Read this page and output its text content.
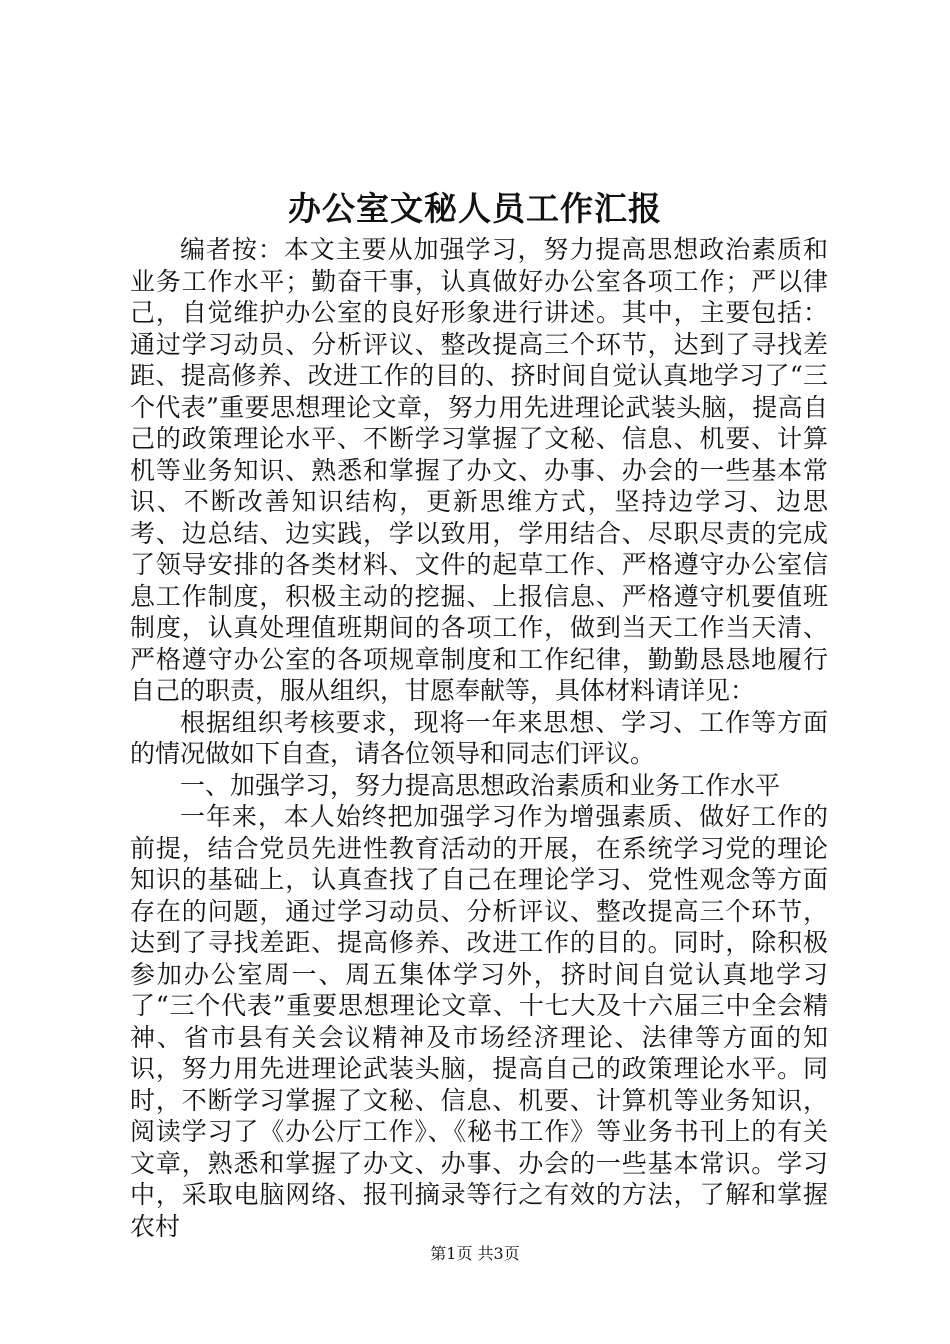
办公室文秘人员工作汇报

编者按：本文主要从加强学习，努力提高思想政治素质和业务工作水平；勤奋干事，认真做好办公室各项工作；严以律己，自觉维护办公室的良好形象进行讲述。其中，主要包括：通过学习动员、分析评议、整改提高三个环节，达到了寻找差距、提高修养、改进工作的目的、挤时间自觉认真地学习了“三个代表”重要思想理论文章，努力用先进理论武装头脑，提高自己的政策理论水平、不断学习掌握了文秘、信息、机要、计算机等业务知识、熟悉和掌握了办文、办事、办会的一些基本常识、不断改善知识结构，更新思维方式，坚持边学习、边思考、边总结、边实践，学以致用，学用结合、尽职尽责的完成了领导安排的各类材料、文件的起草工作、严格遵守办公室信息工作制度，积极主动的挖掘、上报信息、严格遵守机要值班制度，认真处理值班期间的各项工作，做到当天工作当天清、严格遵守办公室的各项规章制度和工作纪律，勤勤恳恳地履行自己的职责，服从组织，甘愿奉献等，具体材料请详见：

根据组织考核要求，现将一年来思想、学习、工作等方面的情况做如下自查，请各位领导和同志们评议。

一、加强学习，努力提高思想政治素质和业务工作水平

一年来，本人始终把加强学习作为增强素质、做好工作的前提，结合党员先进性教育活动的开展，在系统学习党的理论知识的基础上，认真查找了自己在理论学习、党性观念等方面存在的问题，通过学习动员、分析评议、整改提高三个环节，达到了寻找差距、提高修养、改进工作的目的。同时，除积极参加办公室周一、周五集体学习外，挤时间自觉认真地学习了“三个代表”重要思想理论文章、十七大及十六届三中全会精神、省市县有关会议精神及市场经济理论、法律等方面的知识，努力用先进理论武装头脑，提高自己的政策理论水平。同时，不断学习掌握了文秘、信息、机要、计算机等业务知识，阅读学习了《办公厅工作》、《秘书工作》等业务书刊上的有关文章，熟悉和掌握了办文、办事、办会的一些基本常识。学习中，采取电脑网络、报刊摘录等行之有效的方法，了解和掌握农村

第1页 共3页
